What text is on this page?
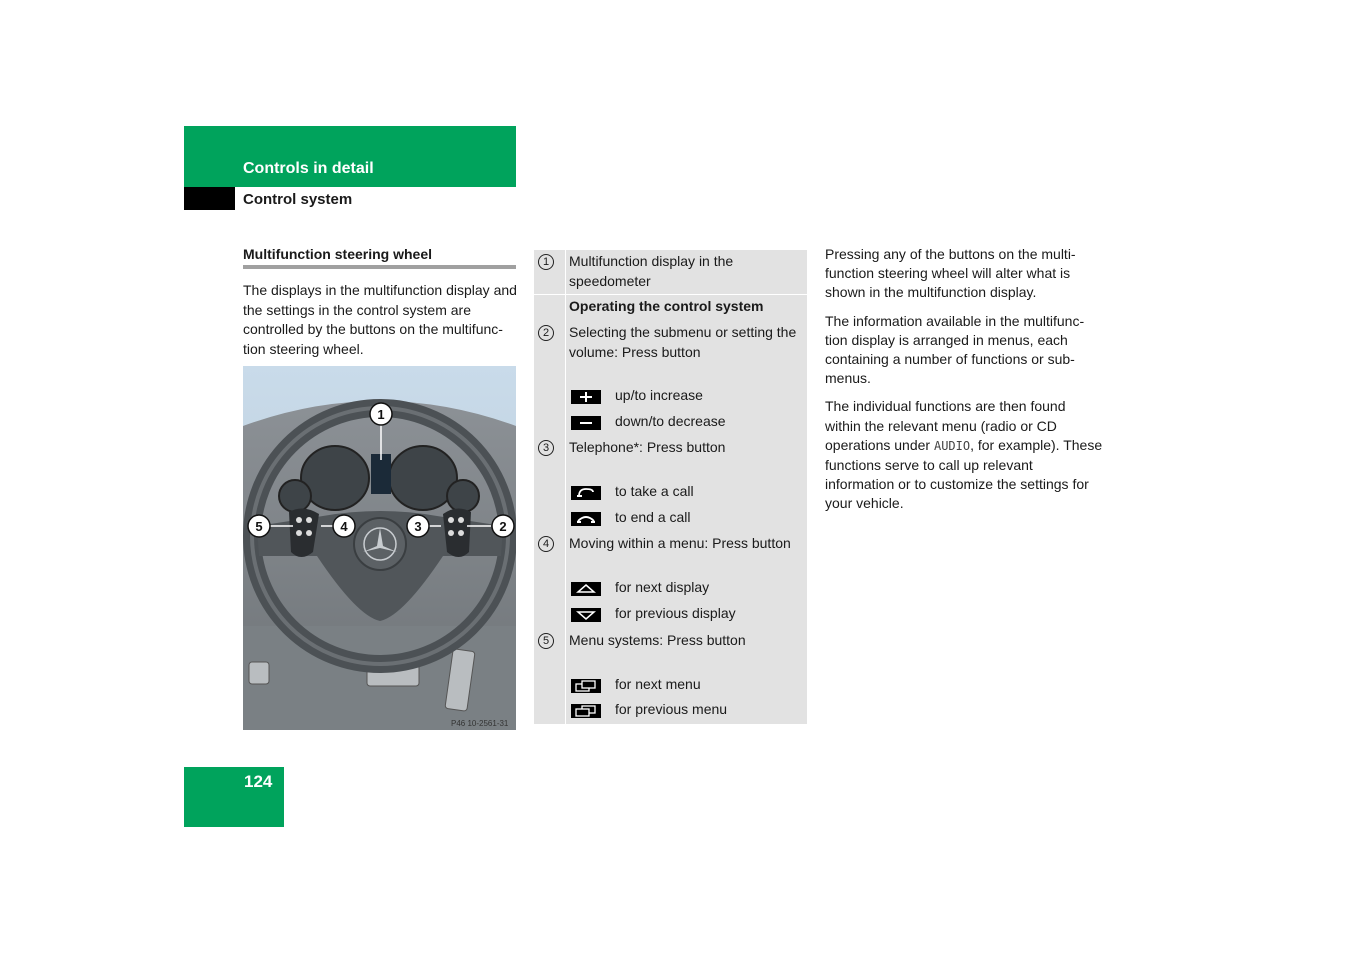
Controls in detail
Control system
Multifunction steering wheel
The displays in the multifunction display and the settings in the control system are controlled by the buttons on the multifunc-tion steering wheel.
1
2
3
4
5
P46 10-2561-31
1	Multifunction display in the speedometer
Operating the control system
2	Selecting the submenu or setting the volume: Press button
up/to increase
down/to decrease
3	Telephone*: Press button
to take a call
to end a call
4	Moving within a menu: Press button
for next display
for previous display
5	Menu systems: Press button
for next menu
for previous menu

Pressing any of the buttons on the multi-function steering wheel will alter what is shown in the multifunction display.

The information available in the multifunc-tion display is arranged in menus, each containing a number of functions or sub-menus.

The individual functions are then found within the relevant menu (radio or CD operations under AUDIO, for example). These functions serve to call up relevant information or to customize the settings for your vehicle.

124
